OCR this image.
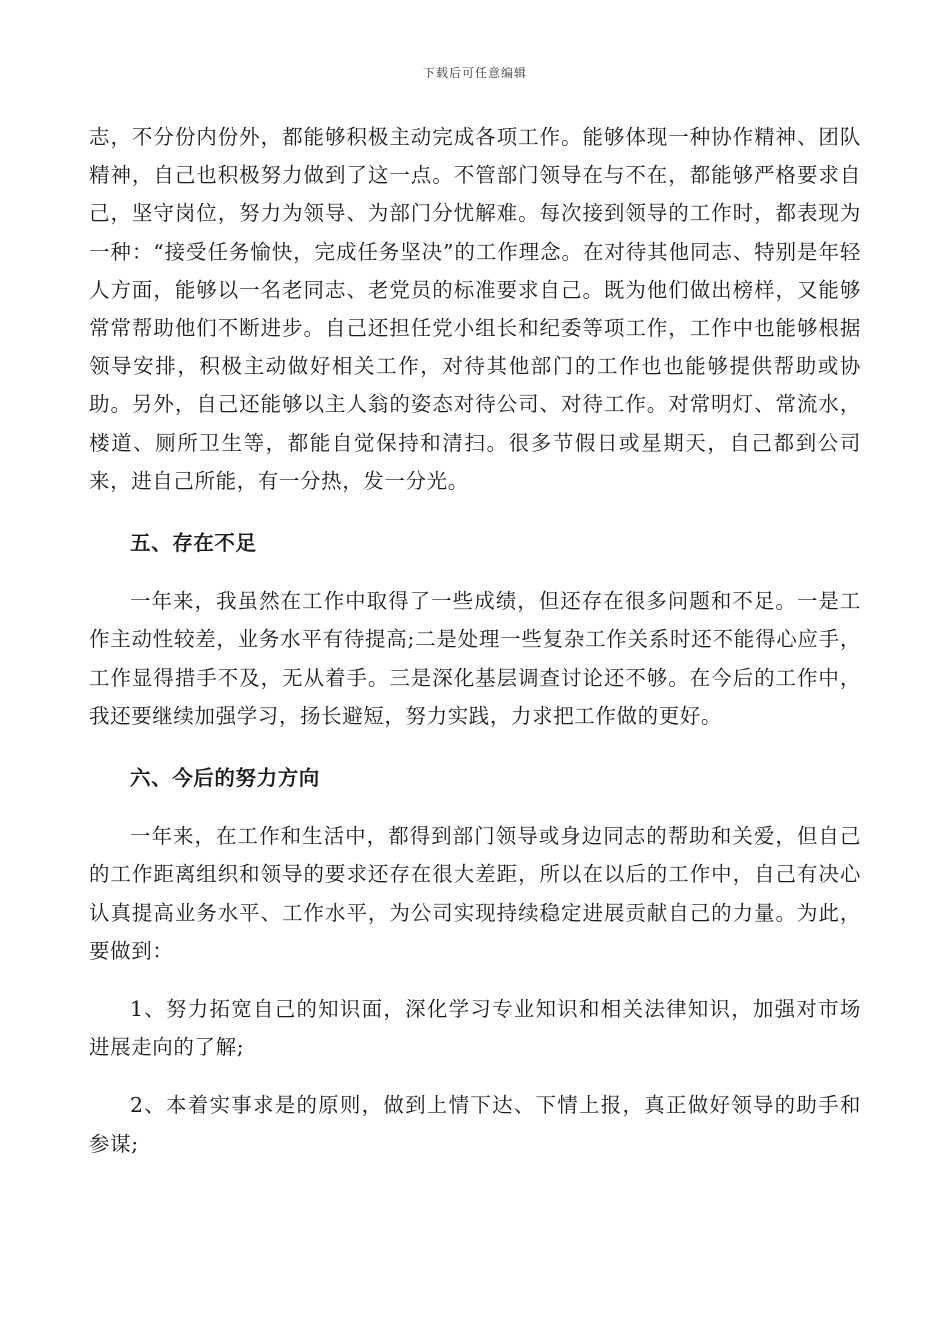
下载后可任意编辑

志，不分份内份外，都能够积极主动完成各项工作。能够体现一种协作精神、团队精神，自己也积极努力做到了这一点。不管部门领导在与不在，都能够严格要求自己，坚守岗位，努力为领导、为部门分忧解难。每次接到领导的工作时，都表现为一种：“接受任务愉快，完成任务坚决”的工作理念。在对待其他同志、特别是年轻人方面，能够以一名老同志、老党员的标准要求自己。既为他们做出榜样，又能够常常帮助他们不断进步。自己还担任党小组长和纪委等项工作，工作中也能够根据领导安排，积极主动做好相关工作，对待其他部门的工作也也能够提供帮助或协助。另外，自己还能够以主人翁的姿态对待公司、对待工作。对常明灯、常流水，楼道、厕所卫生等，都能自觉保持和清扫。很多节假日或星期天，自己都到公司来，进自己所能，有一分热，发一分光。

五、存在不足

一年来，我虽然在工作中取得了一些成绩，但还存在很多问题和不足。一是工作主动性较差，业务水平有待提高;二是处理一些复杂工作关系时还不能得心应手，工作显得措手不及，无从着手。三是深化基层调查讨论还不够。在今后的工作中，我还要继续加强学习，扬长避短，努力实践，力求把工作做的更好。

六、今后的努力方向

一年来，在工作和生活中，都得到部门领导或身边同志的帮助和关爱，但自己的工作距离组织和领导的要求还存在很大差距，所以在以后的工作中，自己有决心认真提高业务水平、工作水平，为公司实现持续稳定进展贡献自己的力量。为此，要做到：

1、努力拓宽自己的知识面，深化学习专业知识和相关法律知识，加强对市场进展走向的了解;

2、本着实事求是的原则，做到上情下达、下情上报，真正做好领导的助手和参谋;
